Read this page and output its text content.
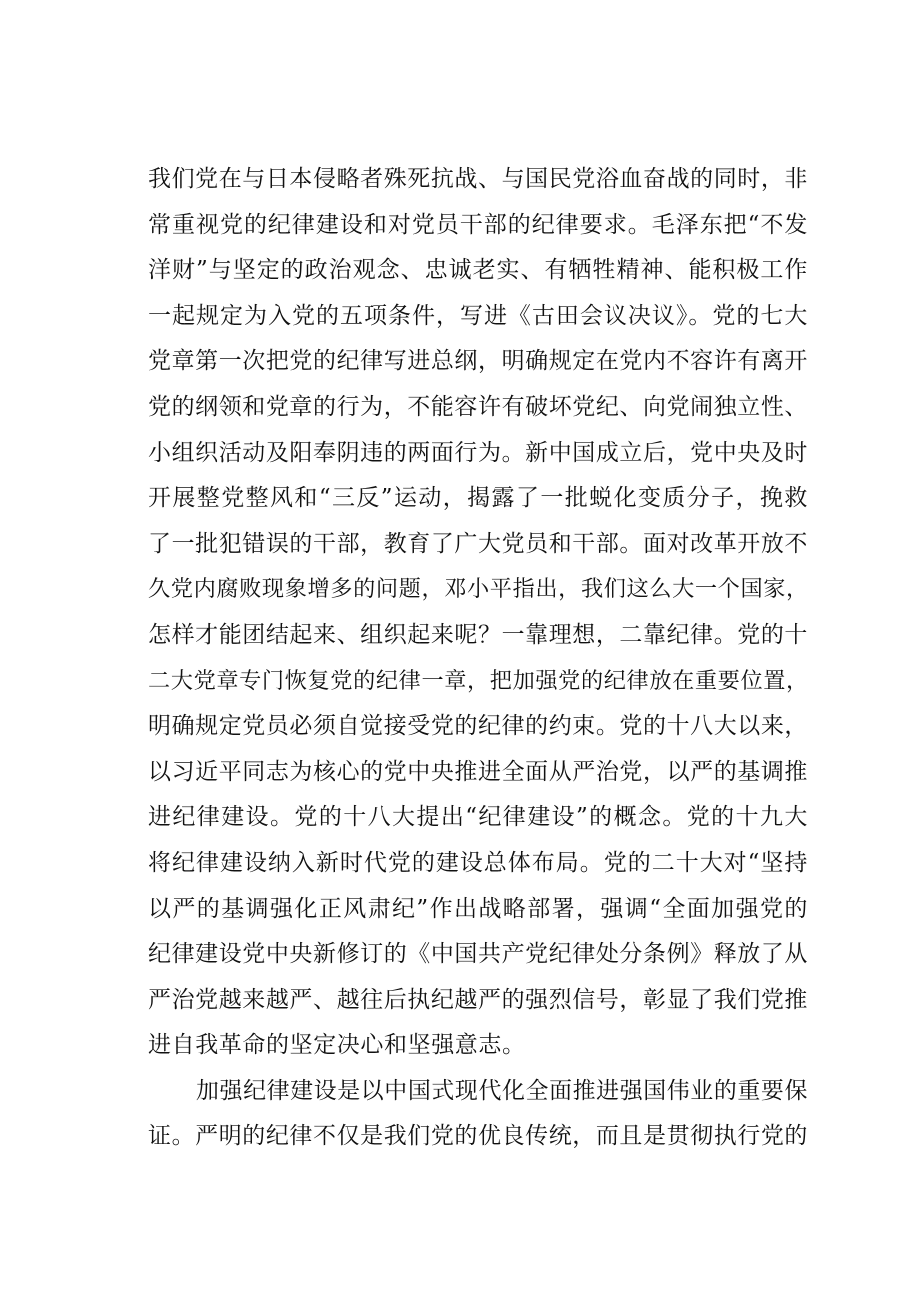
我们党在与日本侵略者殊死抗战、与国民党浴血奋战的同时，非
常重视党的纪律建设和对党员干部的纪律要求。毛泽东把“不发
洋财”与坚定的政治观念、忠诚老实、有牺牲精神、能积极工作
一起规定为入党的五项条件，写进《古田会议决议》。党的七大
党章第一次把党的纪律写进总纲，明确规定在党内不容许有离开
党的纲领和党章的行为，不能容许有破坏党纪、向党闹独立性、
小组织活动及阳奉阴违的两面行为。新中国成立后，党中央及时
开展整党整风和“三反”运动，揭露了一批蜕化变质分子，挽救
了一批犯错误的干部，教育了广大党员和干部。面对改革开放不
久党内腐败现象增多的问题，邓小平指出，我们这么大一个国家，
怎样才能团结起来、组织起来呢？一靠理想，二靠纪律。党的十
二大党章专门恢复党的纪律一章，把加强党的纪律放在重要位置，
明确规定党员必须自觉接受党的纪律的约束。党的十八大以来，
以习近平同志为核心的党中央推进全面从严治党，以严的基调推
进纪律建设。党的十八大提出“纪律建设”的概念。党的十九大
将纪律建设纳入新时代党的建设总体布局。党的二十大对“坚持
以严的基调强化正风肃纪”作出战略部署，强调“全面加强党的
纪律建设党中央新修订的《中国共产党纪律处分条例》释放了从
严治党越来越严、越往后执纪越严的强烈信号，彰显了我们党推
进自我革命的坚定决心和坚强意志。
加强纪律建设是以中国式现代化全面推进强国伟业的重要保
证。严明的纪律不仅是我们党的优良传统，而且是贯彻执行党的
